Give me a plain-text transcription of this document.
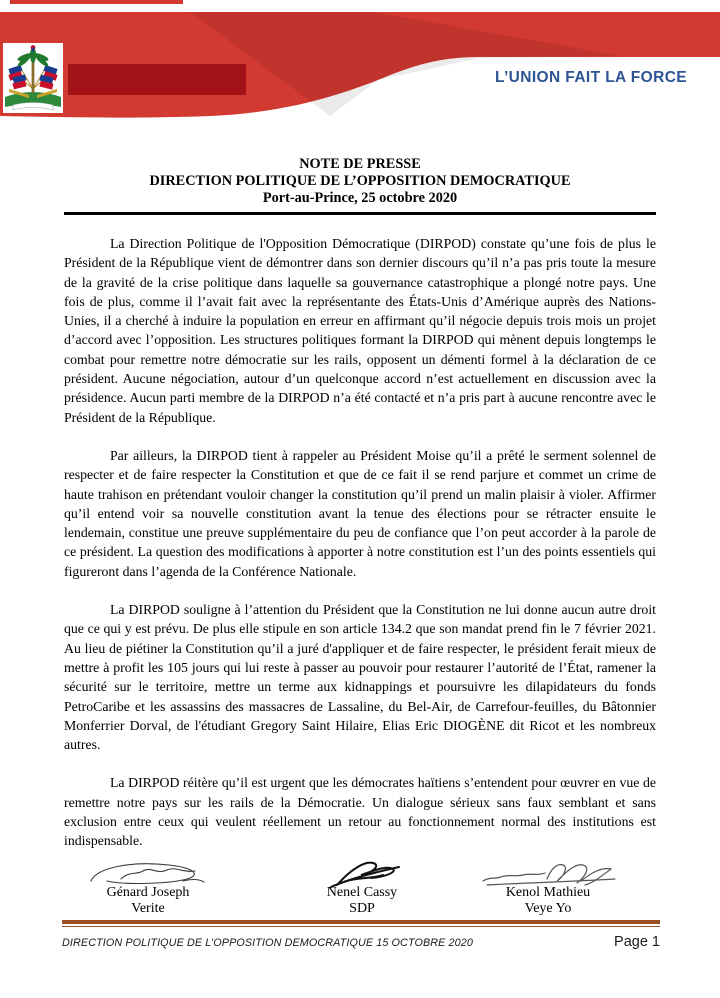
L’UNION FAIT LA FORCE
NOTE DE PRESSE
DIRECTION POLITIQUE DE L’OPPOSITION DEMOCRATIQUE
Port-au-Prince, 25 octobre 2020

La Direction Politique de l'Opposition Démocratique (DIRPOD) constate qu’une fois de plus le Président de la République vient de démontrer dans son dernier discours qu’il n’a pas pris toute la mesure de la gravité de la crise politique dans laquelle sa gouvernance catastrophique a plongé notre pays. Une fois de plus, comme il l’avait fait avec la représentante des États-Unis d’Amérique auprès des Nations-Unies, il a cherché à induire la population en erreur en affirmant qu’il négocie depuis trois mois un projet d’accord avec l’opposition. Les structures politiques formant la DIRPOD qui mènent depuis longtemps le combat pour remettre notre démocratie sur les rails, opposent un démenti formel à la déclaration de ce président. Aucune négociation, autour d’un quelconque accord n’est actuellement en discussion avec la présidence. Aucun parti membre de la DIRPOD n’a été contacté et n’a pris part à aucune rencontre avec le Président de la République.

Par ailleurs, la DIRPOD tient à rappeler au Président Moise qu’il a prêté le serment solennel de respecter et de faire respecter la Constitution et que de ce fait il se rend parjure et commet un crime de haute trahison en prétendant vouloir changer la constitution qu’il prend un malin plaisir à violer. Affirmer qu’il entend voir sa nouvelle constitution avant la tenue des élections pour se rétracter ensuite le lendemain, constitue une preuve supplémentaire du peu de confiance que l’on peut accorder à la parole de ce président. La question des modifications à apporter à notre constitution est l’un des points essentiels qui figureront dans l’agenda de la Conférence Nationale.

La DIRPOD souligne à l’attention du Président que la Constitution ne lui donne aucun autre droit que ce qui y est prévu. De plus elle stipule en son article 134.2 que son mandat prend fin le 7 février 2021. Au lieu de piétiner la Constitution qu’il a juré d'appliquer et de faire respecter, le président ferait mieux de mettre à profit les 105 jours qui lui reste à passer au pouvoir pour restaurer l’autorité de l’État, ramener la sécurité sur le territoire, mettre un terme aux kidnappings et poursuivre les dilapidateurs du fonds PetroCaribe et les assassins des massacres de Lassaline, du Bel-Air, de Carrefour-feuilles, du Bâtonnier Monferrier Dorval, de l'étudiant Gregory Saint Hilaire, Elias Eric DIOGÈNE dit Ricot et les nombreux autres.

La DIRPOD réitère qu’il est urgent que les démocrates haïtiens s’entendent pour œuvrer en vue de remettre notre pays sur les rails de la Démocratie. Un dialogue sérieux sans faux semblant et sans exclusion entre ceux qui veulent réellement un retour au fonctionnement normal des institutions est indispensable.

Génard Joseph
Verite
Nenel Cassy
SDP
Kenol Mathieu
Veye Yo
DIRECTION POLITIQUE DE L’OPPOSITION DEMOCRATIQUE 15 OCTOBRE 2020	Page 1
